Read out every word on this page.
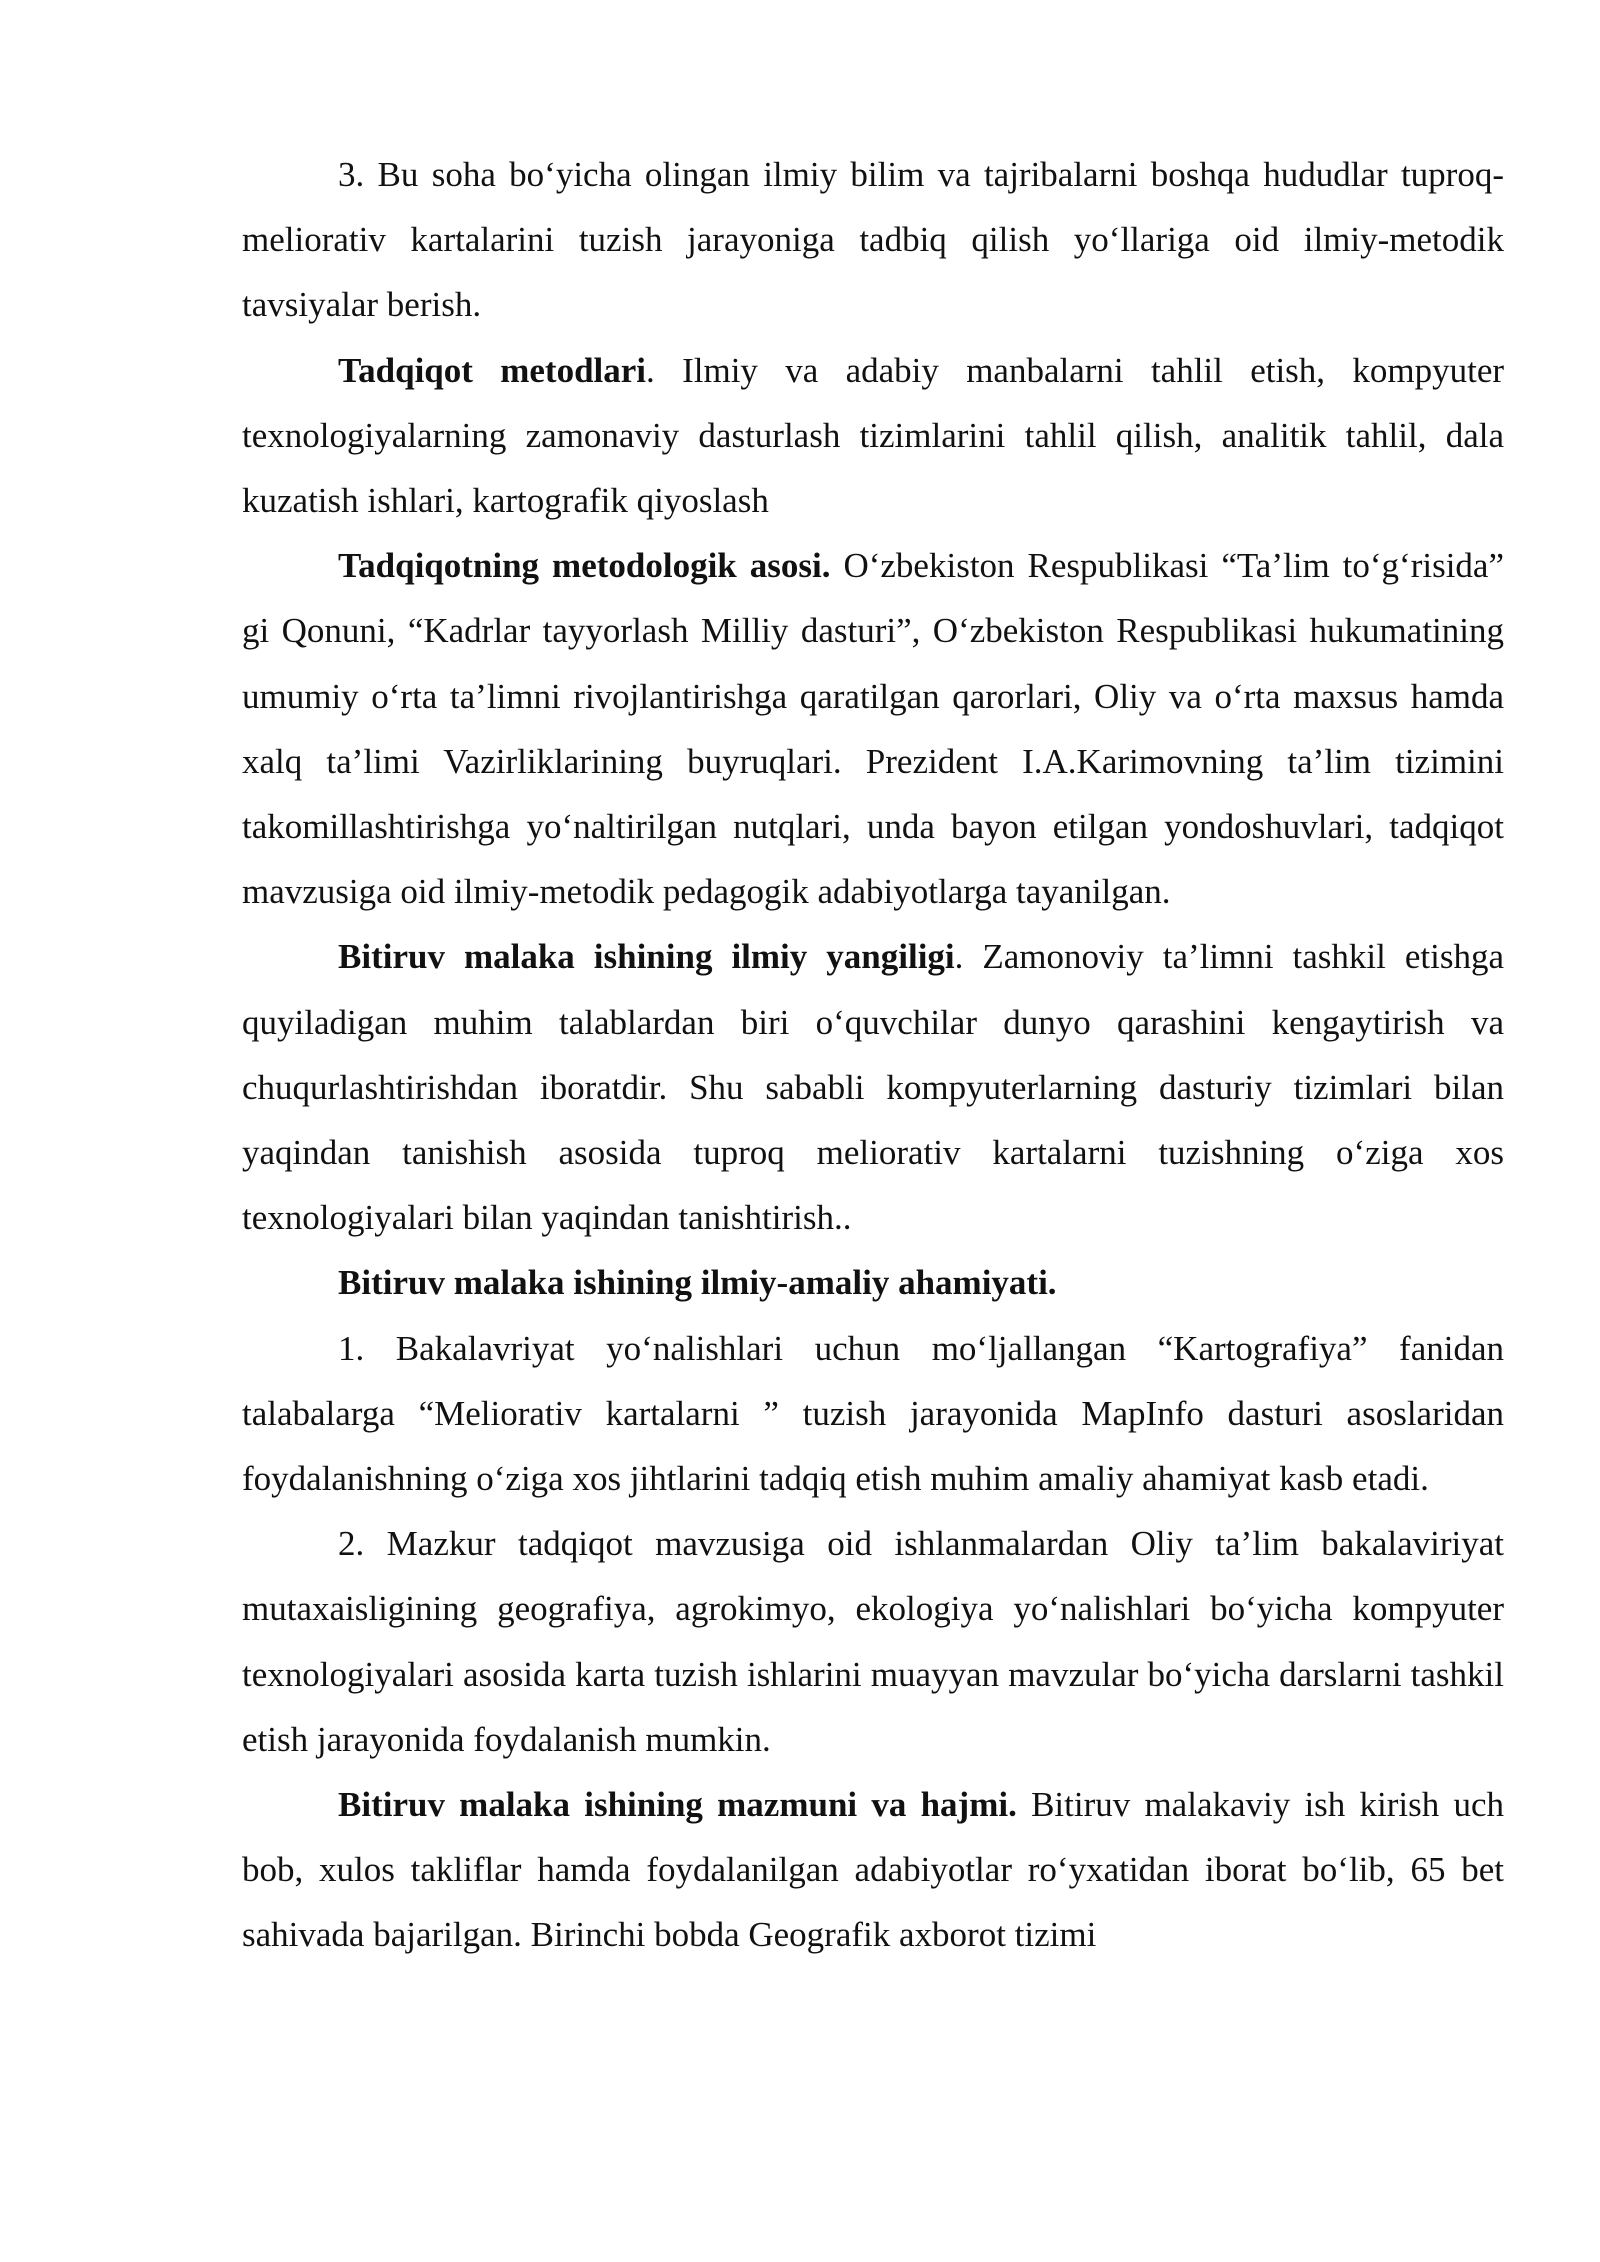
3. Bu soha bo‘yicha olingan ilmiy bilim va tajribalarni boshqa hududlar tuproq-meliorativ kartalarini tuzish jarayoniga tadbiq qilish yo‘llariga oid ilmiy-metodik tavsiyalar berish.

Tadqiqot metodlari. Ilmiy va adabiy manbalarni tahlil etish, kompyuter texnologiyalarning zamonaviy dasturlash tizimlarini tahlil qilish, analitik tahlil, dala kuzatish ishlari, kartografik qiyoslash

Tadqiqotning metodologik asosi. O‘zbekiston Respublikasi “Ta’lim to‘g‘risida” gi Qonuni, “Kadrlar tayyorlash Milliy dasturi”, O‘zbekiston Respublikasi hukumatining umumiy o‘rta ta’limni rivojlantirishga qaratilgan qarorlari, Oliy va o‘rta maxsus hamda xalq ta’limi Vazirliklarining buyruqlari. Prezident I.A.Karimovning ta’lim tizimini takomillashtirishga yo‘naltirilgan nutqlari, unda bayon etilgan yondoshuvlari, tadqiqot mavzusiga oid ilmiy-metodik pedagogik adabiyotlarga tayanilgan.

Bitiruv malaka ishining ilmiy yangiligi. Zamonoviy ta’limni tashkil etishga quyiladigan muhim talablardan biri o‘quvchilar dunyo qarashini kengaytirish va chuqurlashtirishdan iboratdir. Shu sababli kompyuterlarning dasturiy tizimlari bilan yaqindan tanishish asosida tuproq meliorativ kartalarni tuzishning o‘ziga xos texnologiyalari bilan yaqindan tanishtirish..

Bitiruv malaka ishining ilmiy-amaliy ahamiyati.

1. Bakalavriyat yo‘nalishlari uchun mo‘ljallangan “Kartografiya” fanidan talabalarga “Meliorativ kartalarni ” tuzish jarayonida MapInfo dasturi asoslaridan foydalanishning o‘ziga xos jihtlarini tadqiq etish muhim amaliy ahamiyat kasb etadi.

2. Mazkur tadqiqot mavzusiga oid ishlanmalardan Oliy ta’lim bakalaviriyat mutaxaisligining geografiya, agrokimyo, ekologiya yo‘nalishlari bo‘yicha kompyuter texnologiyalari asosida karta tuzish ishlarini muayyan mavzular bo‘yicha darslarni tashkil etish jarayonida foydalanish mumkin.

Bitiruv malaka ishining mazmuni va hajmi. Bitiruv malakaviy ish kirish uch bob, xulos takliflar hamda foydalanilgan adabiyotlar ro‘yxatidan iborat bo‘lib, 65 bet sahivada bajarilgan. Birinchi bobda Geografik axborot tizimi
